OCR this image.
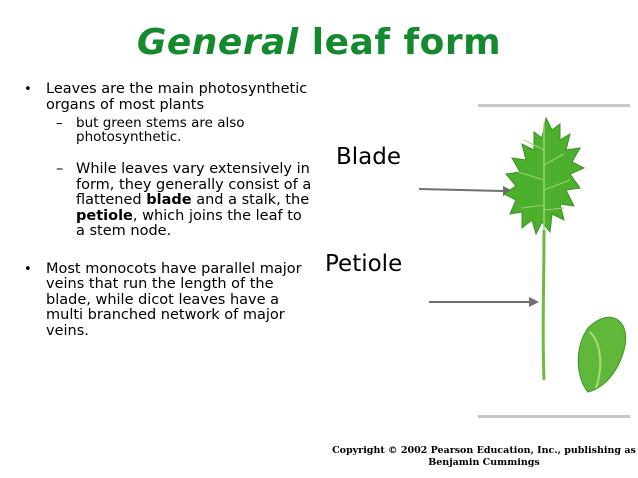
General leaf form
• Leaves are the main photosynthetic organs of most plants
– but green stems are also photosynthetic.
– While leaves vary extensively in form, they generally consist of a flattened blade and a stalk, the petiole, which joins the leaf to a stem node.
• Most monocots have parallel major veins that run the length of the blade, while dicot leaves have a multi branched network of major veins.
Blade
Petiole
Copyright © 2002 Pearson Education, Inc., publishing as
Benjamin Cummings
